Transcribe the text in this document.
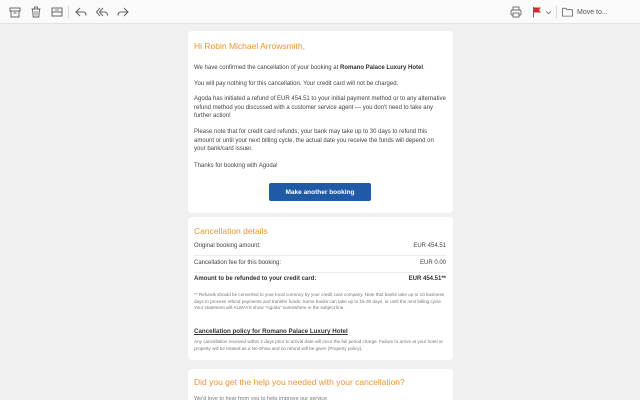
Move to...
Hi Robin Michael Arrowsmith,
We have confirmed the cancellation of your booking at Romano Palace Luxury Hotel.
You will pay nothing for this cancellation. Your credit card will not be charged.
Agoda has initiated a refund of EUR 454.51 to your initial payment method or to any alternative refund method you discussed with a customer service agent — you don't need to take any further action!
Please note that for credit card refunds, your bank may take up to 30 days to refund this amount or until your next billing cycle, the actual date you receive the funds will depend on your bank/card issuer.
Thanks for booking with Agoda!
Make another booking
Cancellation details
Original booking amount:	EUR 454.51
Cancellation fee for this booking:	EUR 0.00
Amount to be refunded to your credit card:	EUR 454.51**
** Refunds should be converted to your local currency by your credit card company. Note that banks take up to 10 business days to process refund payments and transfer funds. Some banks can take up to 15-30 days, or until the next billing cycle. Your statement will ALWAYS show "Agoda" somewhere in the subject line.
Cancellation policy for Romano Palace Luxury Hotel
Any cancellation received within 2 days prior to arrival date will incur the full period charge. Failure to arrive at your hotel or property will be treated as a No-Show and no refund will be given (Property policy).
Did you get the help you needed with your cancellation?
We'd love to hear from you to help improve our service
